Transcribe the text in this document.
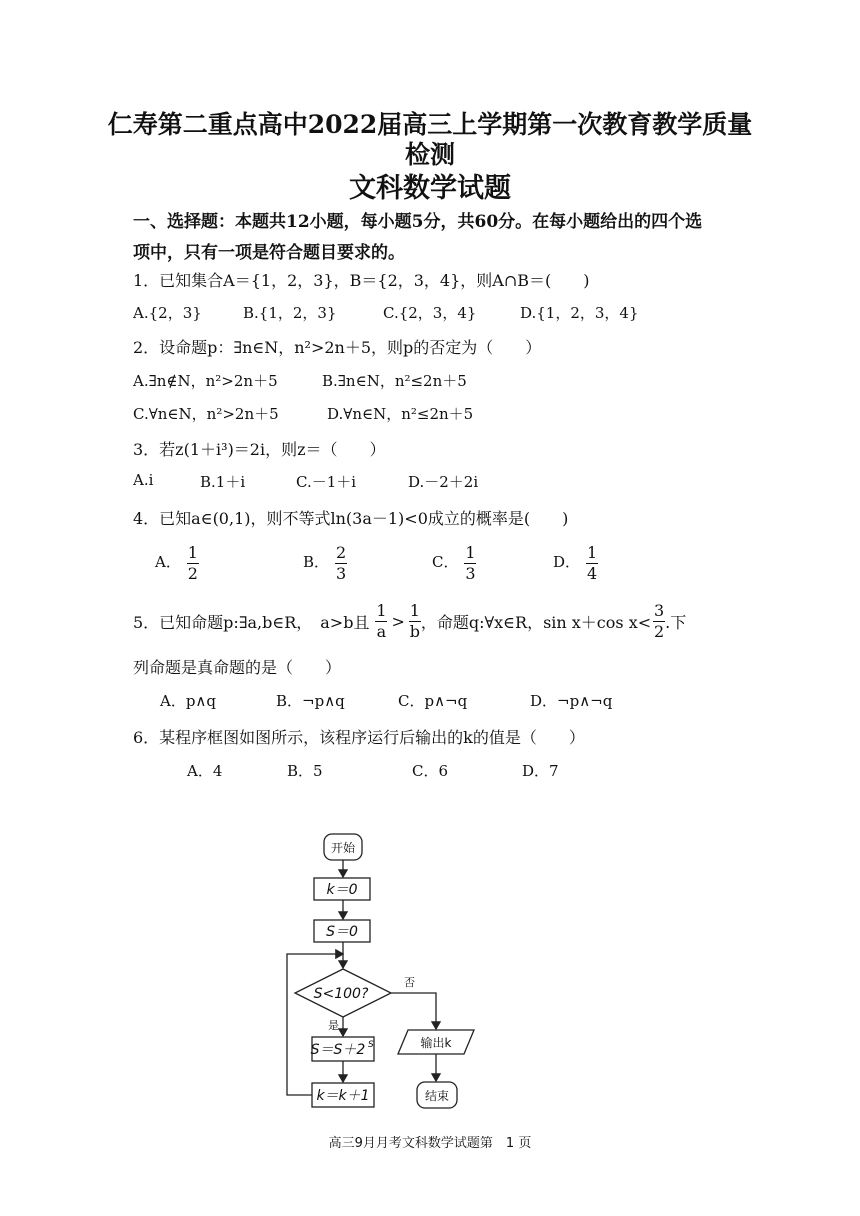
仁寿第二重点高中2022届高三上学期第一次教育教学质量
检测
文科数学试题
一、选择题：本题共12小题，每小题5分，共60分。在每小题给出的四个选
项中，只有一项是符合题目要求的。
1．已知集合A＝{1，2，3}，B＝{2，3，4}，则A∩B＝(　　)
A.{2，3}	B.{1，2，3}	C.{2，3，4}	D.{1，2，3，4}
2．设命题p：∃n∈N，n²>2n＋5，则p的否定为（　　）
A.∃n∉N，n²>2n＋5	B.∃n∈N，n²≤2n＋5
C.∀n∈N，n²>2n＋5	D.∀n∈N，n²≤2n＋5
3．若z(1＋i³)＝2i，则z＝（　　）
A.i	B.1＋i	C.－1＋i	D.－2＋2i
4．已知a∈(0,1)，则不等式ln(3a－1)<0成立的概率是(　　)
A． $\frac{1}{2}$	B． $\frac{2}{3}$	C． $\frac{1}{3}$	D． $\frac{1}{4}$
5．已知命题p:∃a,b∈R，　a>b且 $\frac{1}{a} > \frac{1}{b}$ ，命题q:∀x∈R，sin x＋cos $x< \frac{3}{2}$ .下
列命题是真命题的是（　　）
A．p∧q	B．¬p∧q	C．p∧¬q	D．¬p∧¬q
6．某程序框图如图所示，该程序运行后输出的k的值是（　　）
A．4	B．5	C．6	D．7
开始
k＝0
S＝0
S<100?
否
是
S＝S＋2 S
k＝k＋1
输出k
结束
高三9月月考文科数学试题第　1 页
